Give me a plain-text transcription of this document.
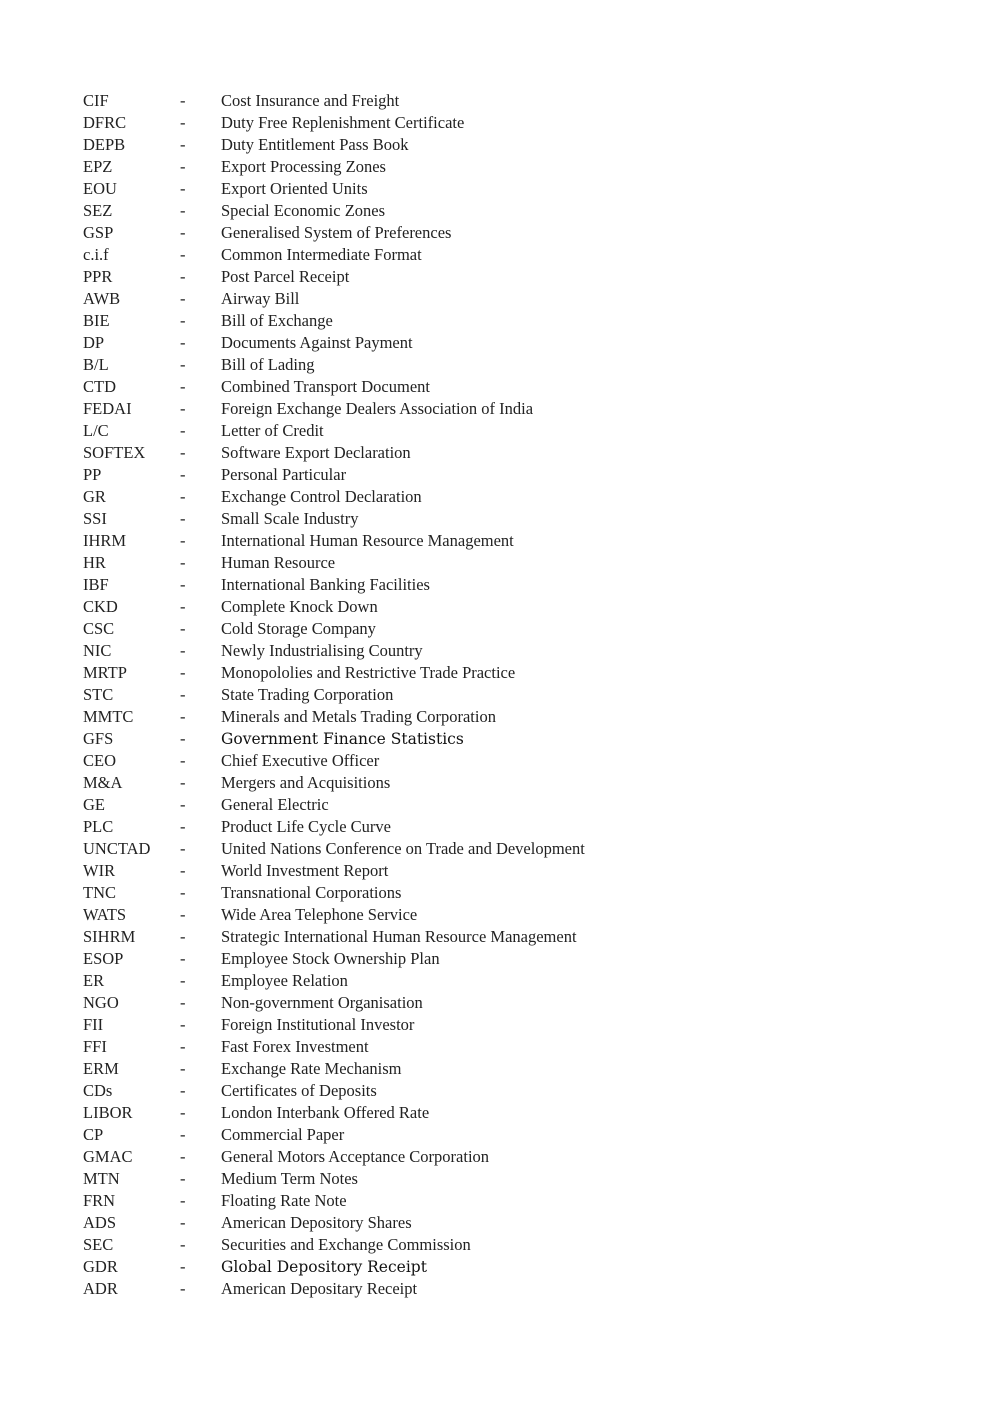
CIF	- Cost Insurance and Freight
DFRC	- Duty Free Replenishment Certificate
DEPB	- Duty Entitlement Pass Book
EPZ	- Export Processing Zones
EOU	- Export Oriented Units
SEZ	- Special Economic Zones
GSP	- Generalised System of Preferences
c.i.f	- Common Intermediate Format
PPR	- Post Parcel Receipt
AWB	- Airway Bill
BIE	- Bill of Exchange
DP	- Documents Against Payment
B/L	- Bill of Lading
CTD	- Combined Transport Document
FEDAI	- Foreign Exchange Dealers Association of India
L/C	- Letter of Credit
SOFTEX - Software Export Declaration
PP	- Personal Particular
GR	- Exchange Control Declaration
SSI	- Small Scale Industry
IHRM	- International Human Resource Management
HR	- Human Resource
IBF	- International Banking Facilities
CKD	- Complete Knock Down
CSC	- Cold Storage Company
NIC	- Newly Industrialising Country
MRTP	- Monopololies and Restrictive Trade Practice
STC	- State Trading Corporation
MMTC	- Minerals and Metals Trading Corporation
GFS	- Government Finance Statistics
CEO	- Chief Executive Officer
M&A	- Mergers and Acquisitions
GE	- General Electric
PLC	- Product Life Cycle Curve
UNCTAD - United Nations Conference on Trade and Development
WIR	- World Investment Report
TNC	- Transnational Corporations
WATS	- Wide Area Telephone Service
SIHRM	- Strategic International Human Resource Management
ESOP	- Employee Stock Ownership Plan
ER	- Employee Relation
NGO	- Non-government Organisation
FII	- Foreign Institutional Investor
FFI	- Fast Forex Investment
ERM	- Exchange Rate Mechanism
CDs	- Certificates of Deposits
LIBOR	- London Interbank Offered Rate
CP	- Commercial Paper
GMAC	- General Motors Acceptance Corporation
MTN	- Medium Term Notes
FRN	- Floating Rate Note
ADS	- American Depository Shares
SEC	- Securities and Exchange Commission
GDR	- Global Depository Receipt
ADR	- American Depositary Receipt
